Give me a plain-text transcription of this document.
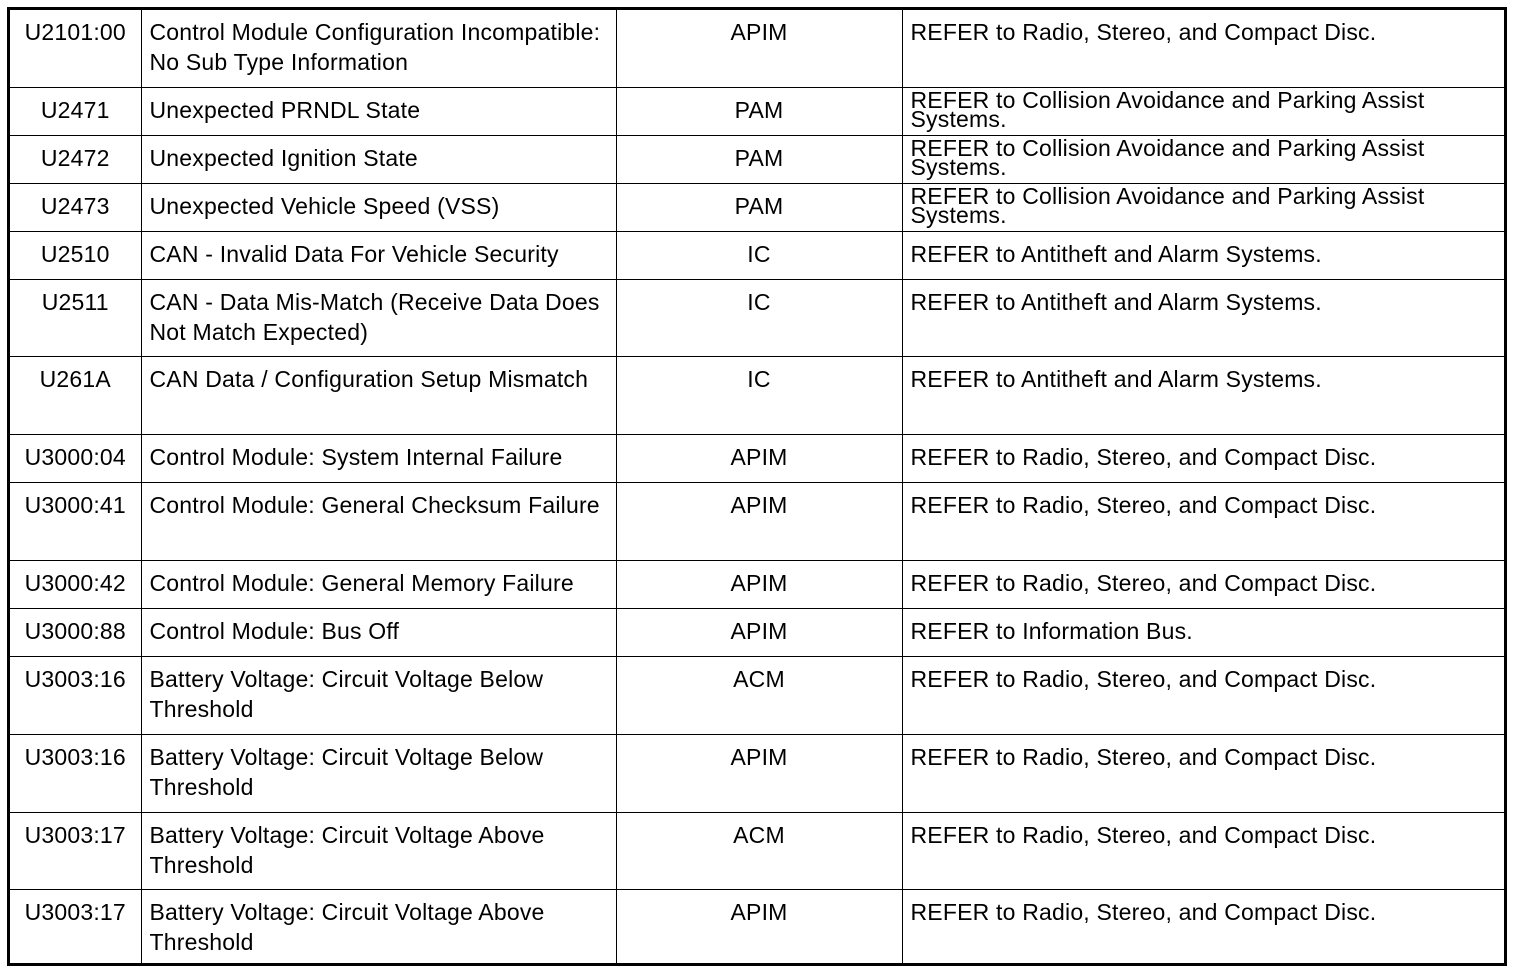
U2101:00	Control Module Configuration Incompatible: No Sub Type Information	APIM	REFER to Radio, Stereo, and Compact Disc.
U2471	Unexpected PRNDL State	PAM	REFER to Collision Avoidance and Parking Assist Systems.
U2472	Unexpected Ignition State	PAM	REFER to Collision Avoidance and Parking Assist Systems.
U2473	Unexpected Vehicle Speed (VSS)	PAM	REFER to Collision Avoidance and Parking Assist Systems.
U2510	CAN - Invalid Data For Vehicle Security	IC	REFER to Antitheft and Alarm Systems.
U2511	CAN - Data Mis-Match (Receive Data Does Not Match Expected)	IC	REFER to Antitheft and Alarm Systems.
U261A	CAN Data / Configuration Setup Mismatch	IC	REFER to Antitheft and Alarm Systems.
U3000:04	Control Module: System Internal Failure	APIM	REFER to Radio, Stereo, and Compact Disc.
U3000:41	Control Module: General Checksum Failure	APIM	REFER to Radio, Stereo, and Compact Disc.
U3000:42	Control Module: General Memory Failure	APIM	REFER to Radio, Stereo, and Compact Disc.
U3000:88	Control Module: Bus Off	APIM	REFER to Information Bus.
U3003:16	Battery Voltage: Circuit Voltage Below Threshold	ACM	REFER to Radio, Stereo, and Compact Disc.
U3003:16	Battery Voltage: Circuit Voltage Below Threshold	APIM	REFER to Radio, Stereo, and Compact Disc.
U3003:17	Battery Voltage: Circuit Voltage Above Threshold	ACM	REFER to Radio, Stereo, and Compact Disc.
U3003:17	Battery Voltage: Circuit Voltage Above Threshold	APIM	REFER to Radio, Stereo, and Compact Disc.
